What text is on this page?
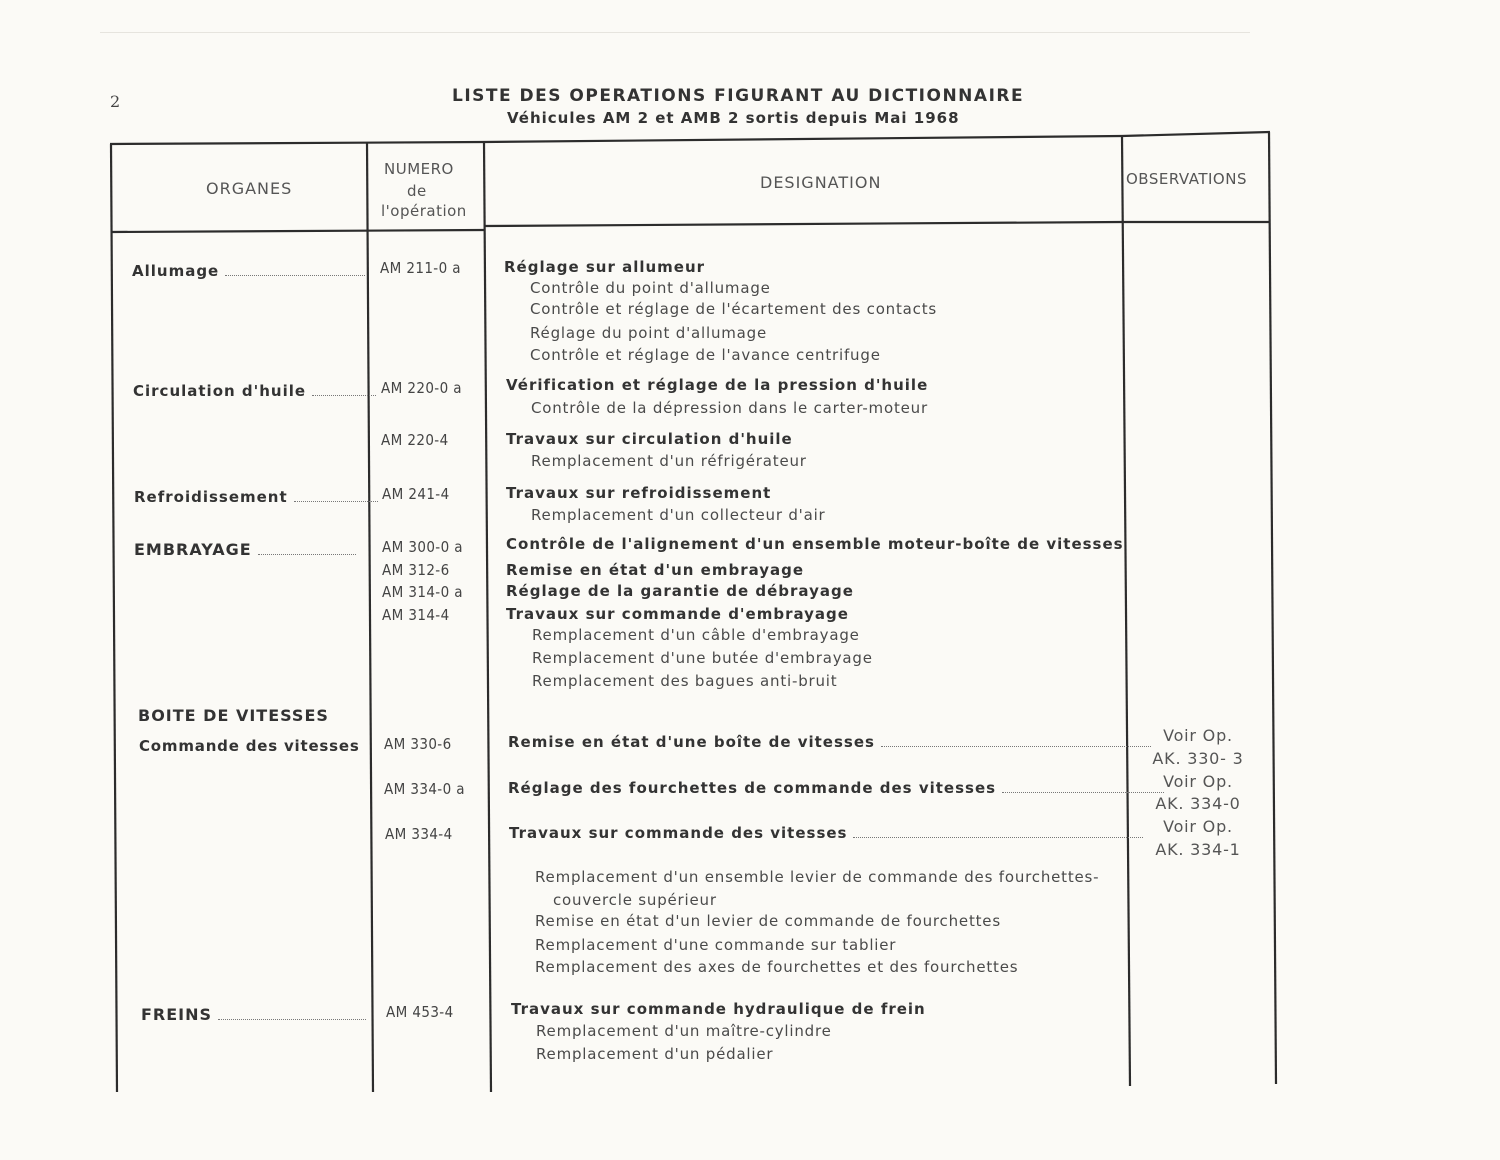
2	LISTE DES OPERATIONS FIGURANT AU DICTIONNAIRE
Véhicules AM 2 et AMB 2 sortis depuis Mai 1968
ORGANES
NUMERO
de
l'opération
DESIGNATION	OBSERVATIONS
Allumage
Circulation d'huile
Refroidissement
EMBRAYAGE
BOITE DE VITESSES
Commande des vitesses
FREINS
AM 211-0 a
AM 220-0 a
AM 220-4
AM 241-4
AM 300-0 a
AM 312-6
AM 314-0 a
AM 314-4
AM 330-6
AM 334-0 a
AM 334-4
AM 453-4
Réglage sur allumeur
Contrôle du point d'allumage
Contrôle et réglage de l'écartement des contacts
Réglage du point d'allumage
Contrôle et réglage de l'avance centrifuge
Vérification et réglage de la pression d'huile
Contrôle de la dépression dans le carter-moteur
Travaux sur circulation d'huile
Remplacement d'un réfrigérateur
Travaux sur refroidissement
Remplacement d'un collecteur d'air
Contrôle de l'alignement d'un ensemble moteur-boîte de vitesses
Remise en état d'un embrayage
Réglage de la garantie de débrayage
Travaux sur commande d'embrayage
Remplacement d'un câble d'embrayage
Remplacement d'une butée d'embrayage
Remplacement des bagues anti-bruit
Remise en état d'une boîte de vitesses
Réglage des fourchettes de commande des vitesses
Travaux sur commande des vitesses
Remplacement d'un ensemble levier de commande des fourchettes-
couvercle supérieur
Remise en état d'un levier de commande de fourchettes
Remplacement d'une commande sur tablier
Remplacement des axes de fourchettes et des fourchettes
Travaux sur commande hydraulique de frein
Remplacement d'un maître-cylindre
Remplacement d'un pédalier
Voir Op.
AK. 330- 3
Voir Op.
AK. 334-0
Voir Op.
AK. 334-1
